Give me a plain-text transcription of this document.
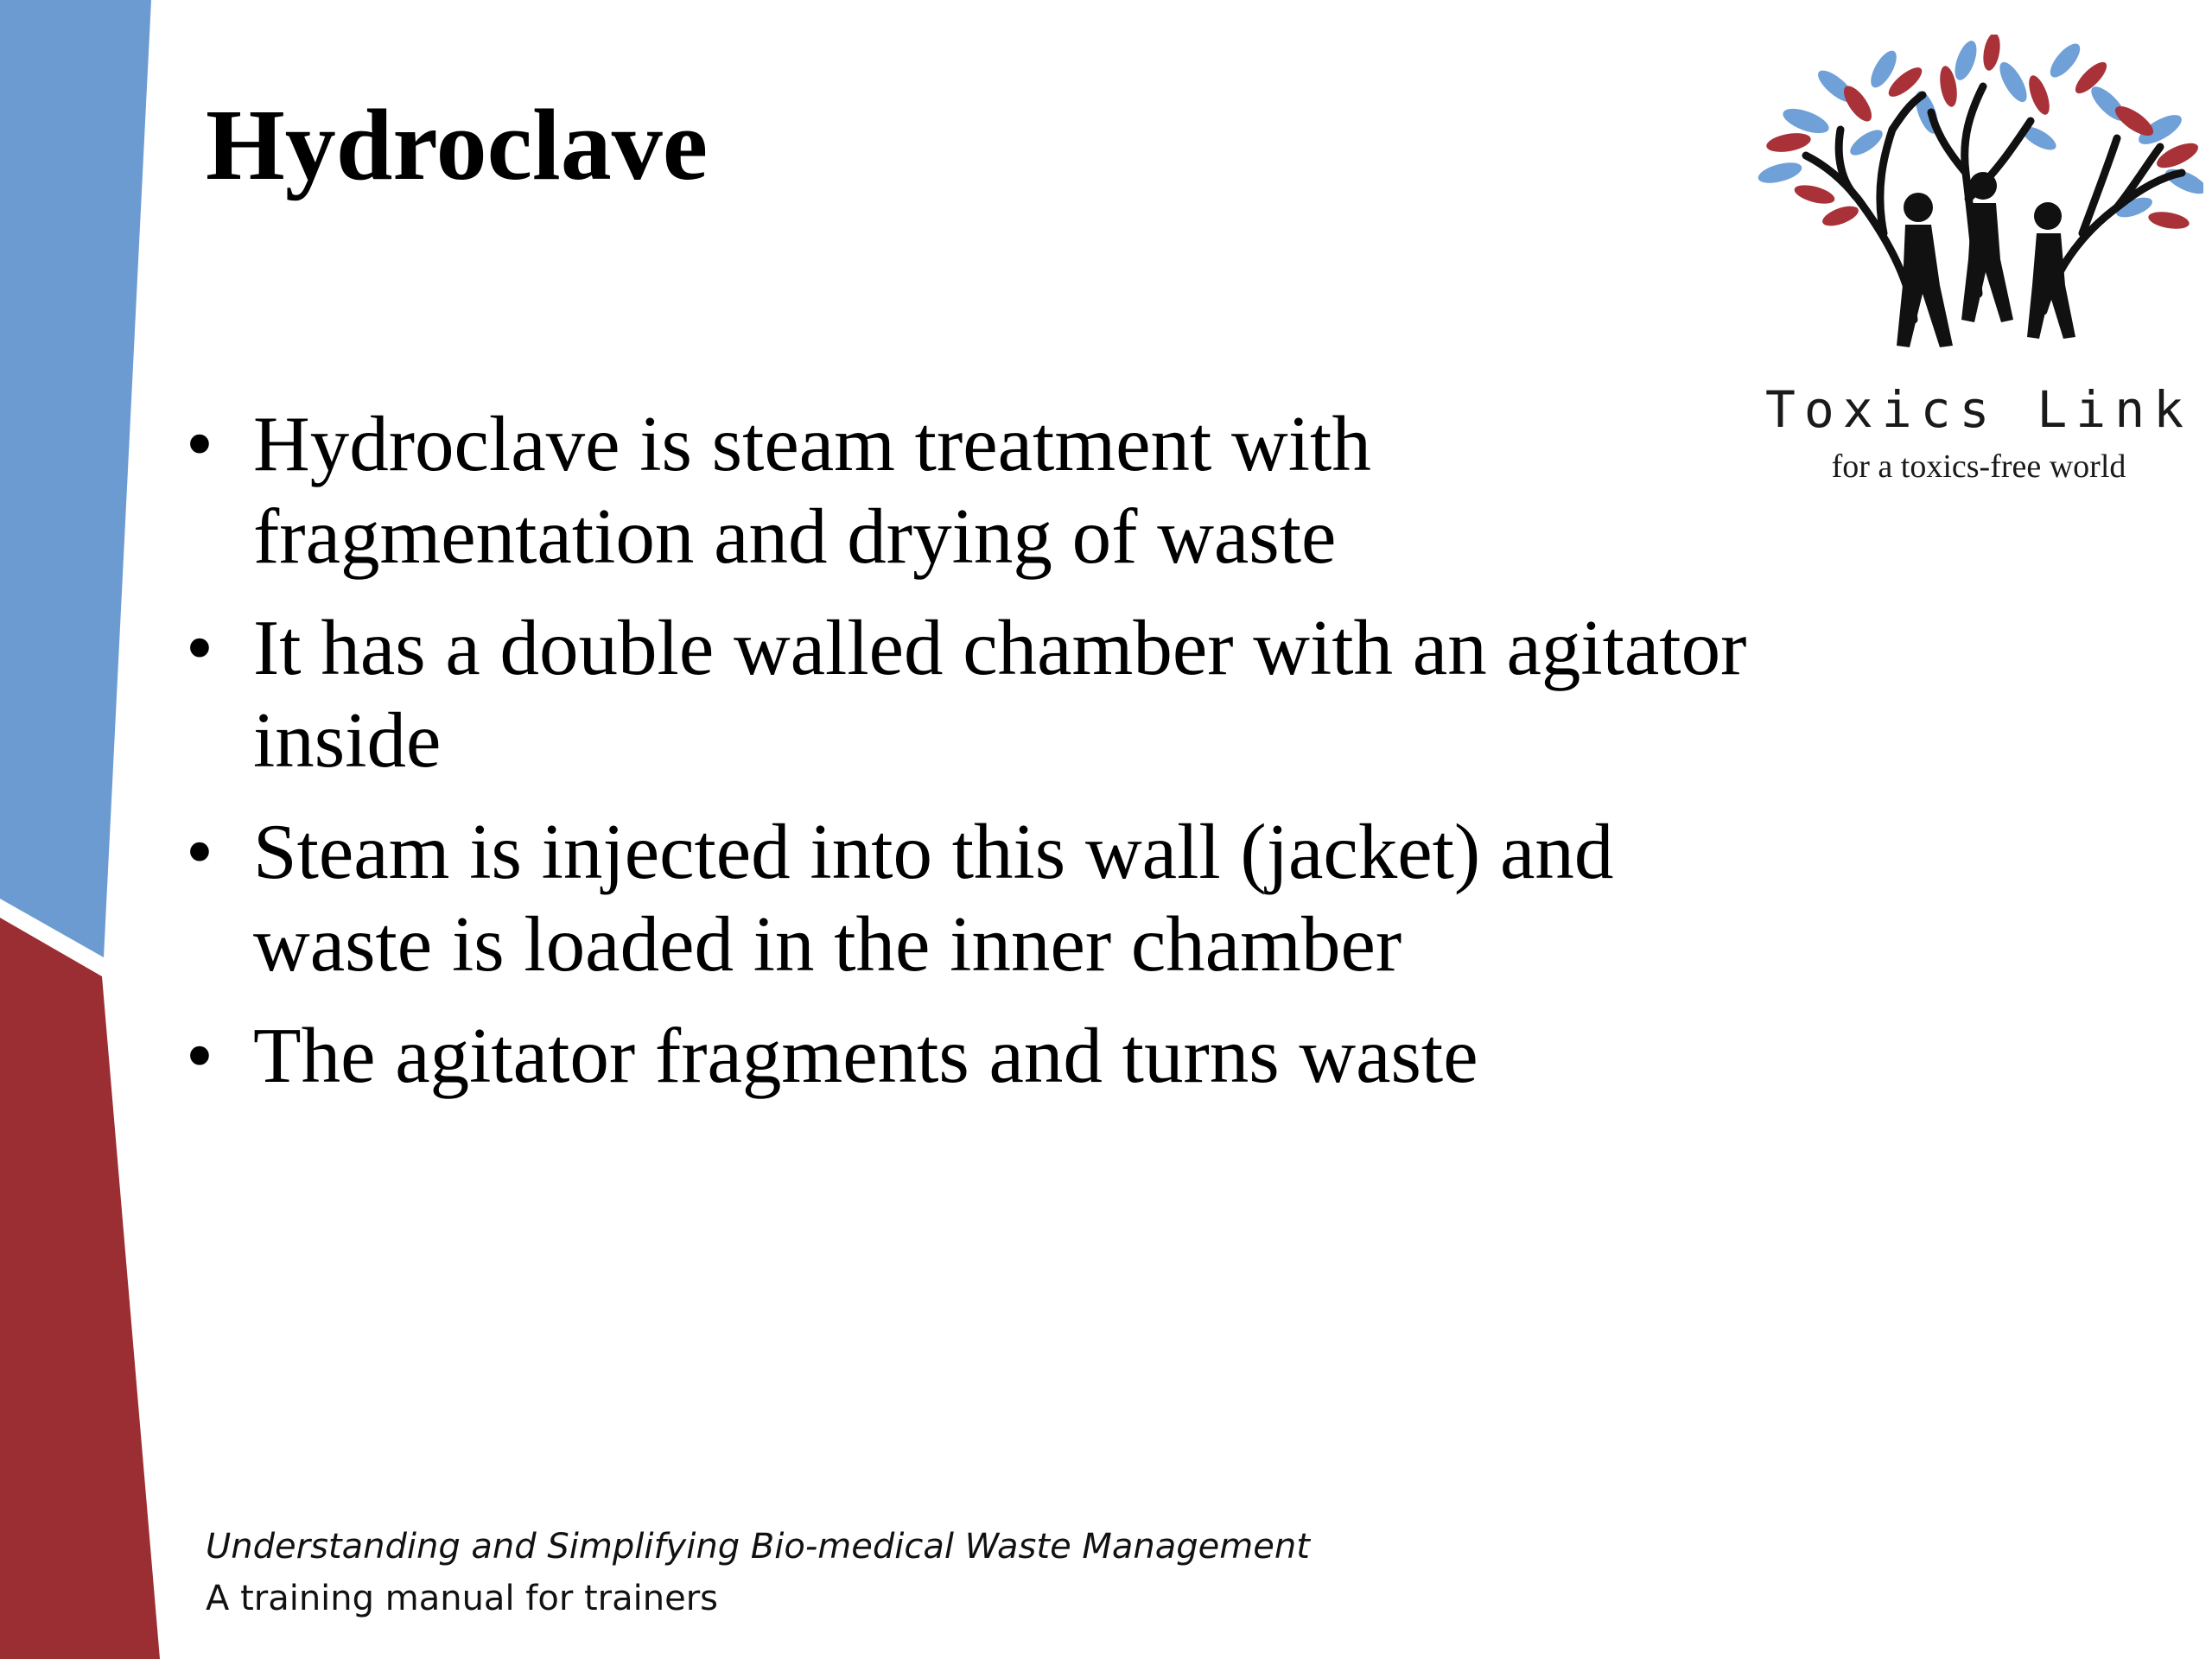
Hydroclave
• Hydroclave is steam treatment with fragmentation and drying of waste
• It has a double walled chamber with an agitator inside
• Steam is injected into this wall (jacket) and waste is loaded in the inner chamber
• The agitator fragments and turns waste
Toxics Link
for a toxics-free world
Understanding and Simplifying Bio-medical Waste Management
A training manual for trainers
